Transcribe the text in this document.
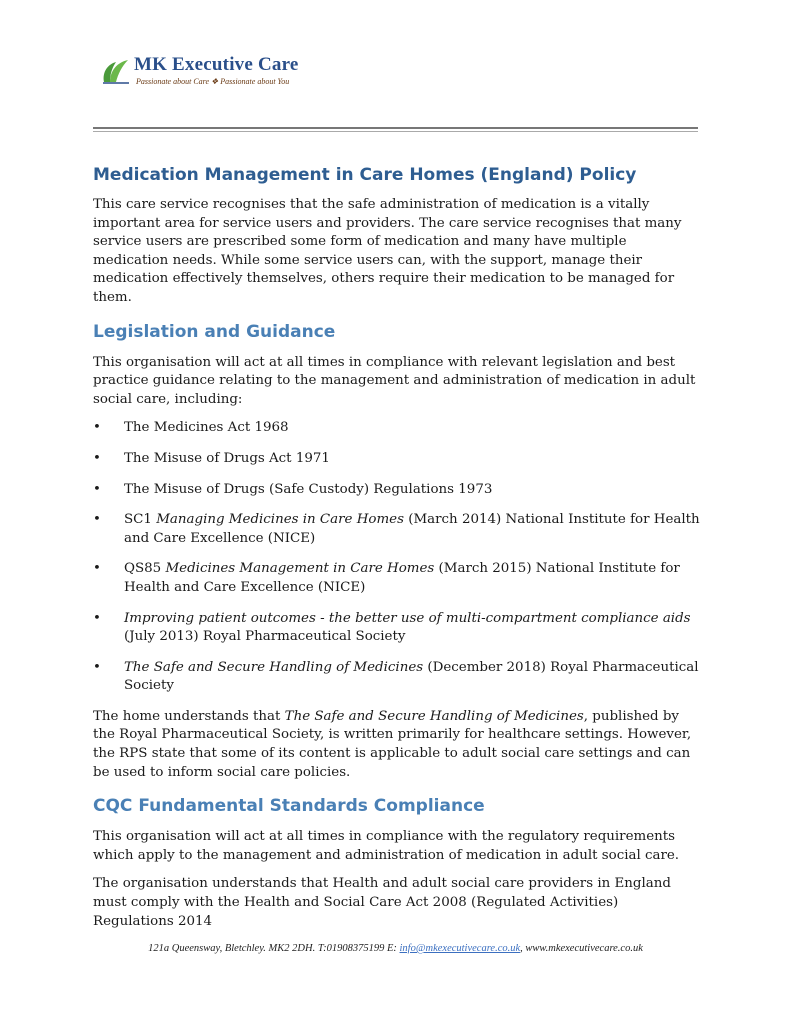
MK Executive Care
Passionate about Care ❖ Passionate about You
Medication Management in Care Homes (England) Policy

This care service recognises that the safe administration of medication is a vitally important area for service users and providers. The care service recognises that many service users are prescribed some form of medication and many have multiple medication needs. While some service users can, with the support, manage their medication effectively themselves, others require their medication to be managed for them.

Legislation and Guidance

This organisation will act at all times in compliance with relevant legislation and best practice guidance relating to the management and administration of medication in adult social care, including:

• The Medicines Act 1968
• The Misuse of Drugs Act 1971
• The Misuse of Drugs (Safe Custody) Regulations 1973
• SC1 Managing Medicines in Care Homes (March 2014) National Institute for Health and Care Excellence (NICE)
• QS85 Medicines Management in Care Homes (March 2015) National Institute for Health and Care Excellence (NICE)
• Improving patient outcomes - the better use of multi-compartment compliance aids (July 2013) Royal Pharmaceutical Society
• The Safe and Secure Handling of Medicines (December 2018) Royal Pharmaceutical Society

The home understands that The Safe and Secure Handling of Medicines, published by the Royal Pharmaceutical Society, is written primarily for healthcare settings. However, the RPS state that some of its content is applicable to adult social care settings and can be used to inform social care policies.

CQC Fundamental Standards Compliance

This organisation will act at all times in compliance with the regulatory requirements which apply to the management and administration of medication in adult social care.

The organisation understands that Health and adult social care providers in England must comply with the Health and Social Care Act 2008 (Regulated Activities) Regulations 2014

121a Queensway, Bletchley. MK2 2DH. T:01908375199 E: info@mkexecutivecare.co.uk, www.mkexecutivecare.co.uk
